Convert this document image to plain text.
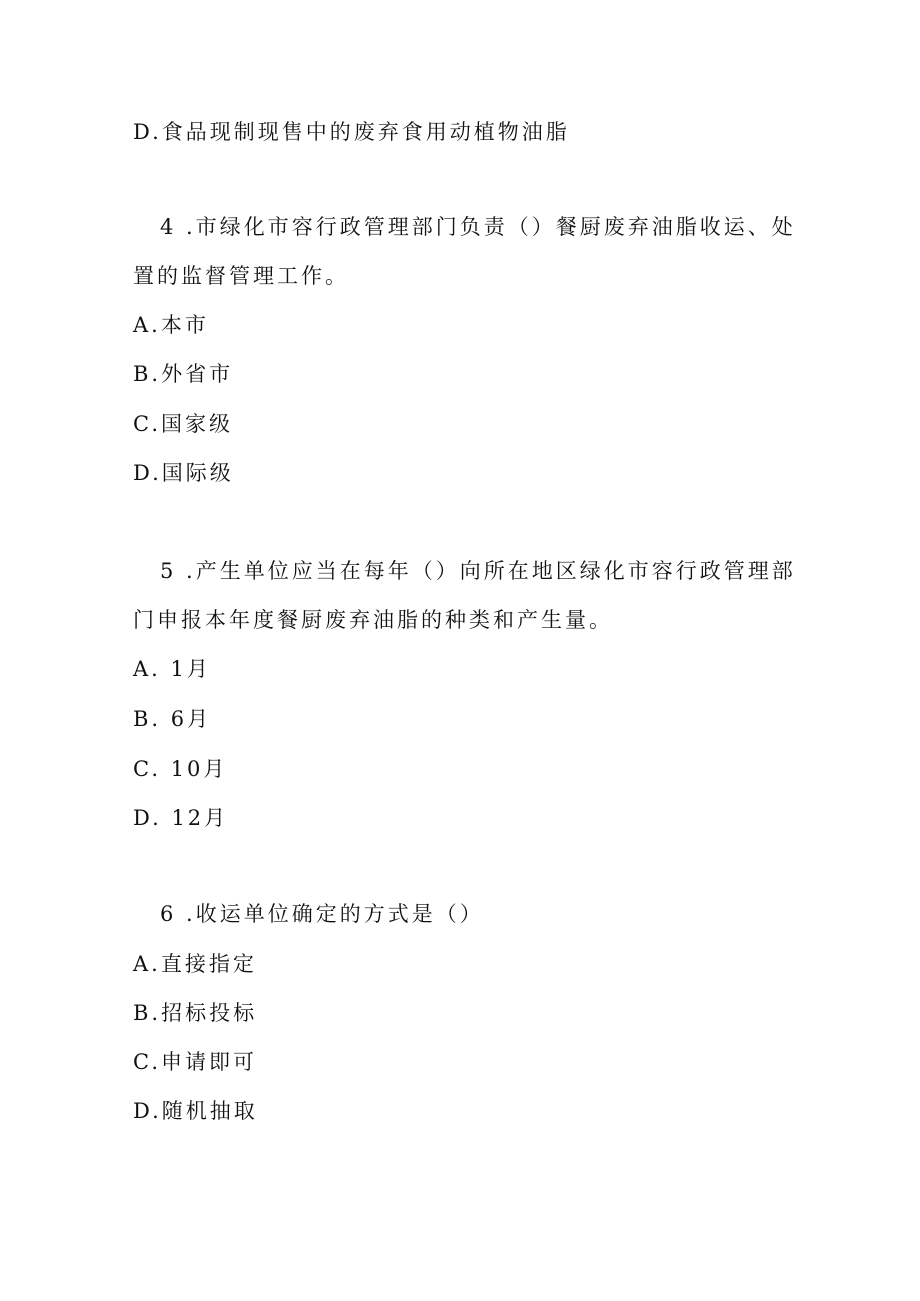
D.食品现制现售中的废弃食用动植物油脂
4 .市绿化市容行政管理部门负责（）餐厨废弃油脂收运、处
置的监督管理工作。
A.本市
B.外省市
C.国家级
D.国际级
5 .产生单位应当在每年（）向所在地区绿化市容行政管理部
门申报本年度餐厨废弃油脂的种类和产生量。
A. 1月
B. 6月
C. 10月
D. 12月
6 .收运单位确定的方式是（）
A.直接指定
B.招标投标
C.申请即可
D.随机抽取
